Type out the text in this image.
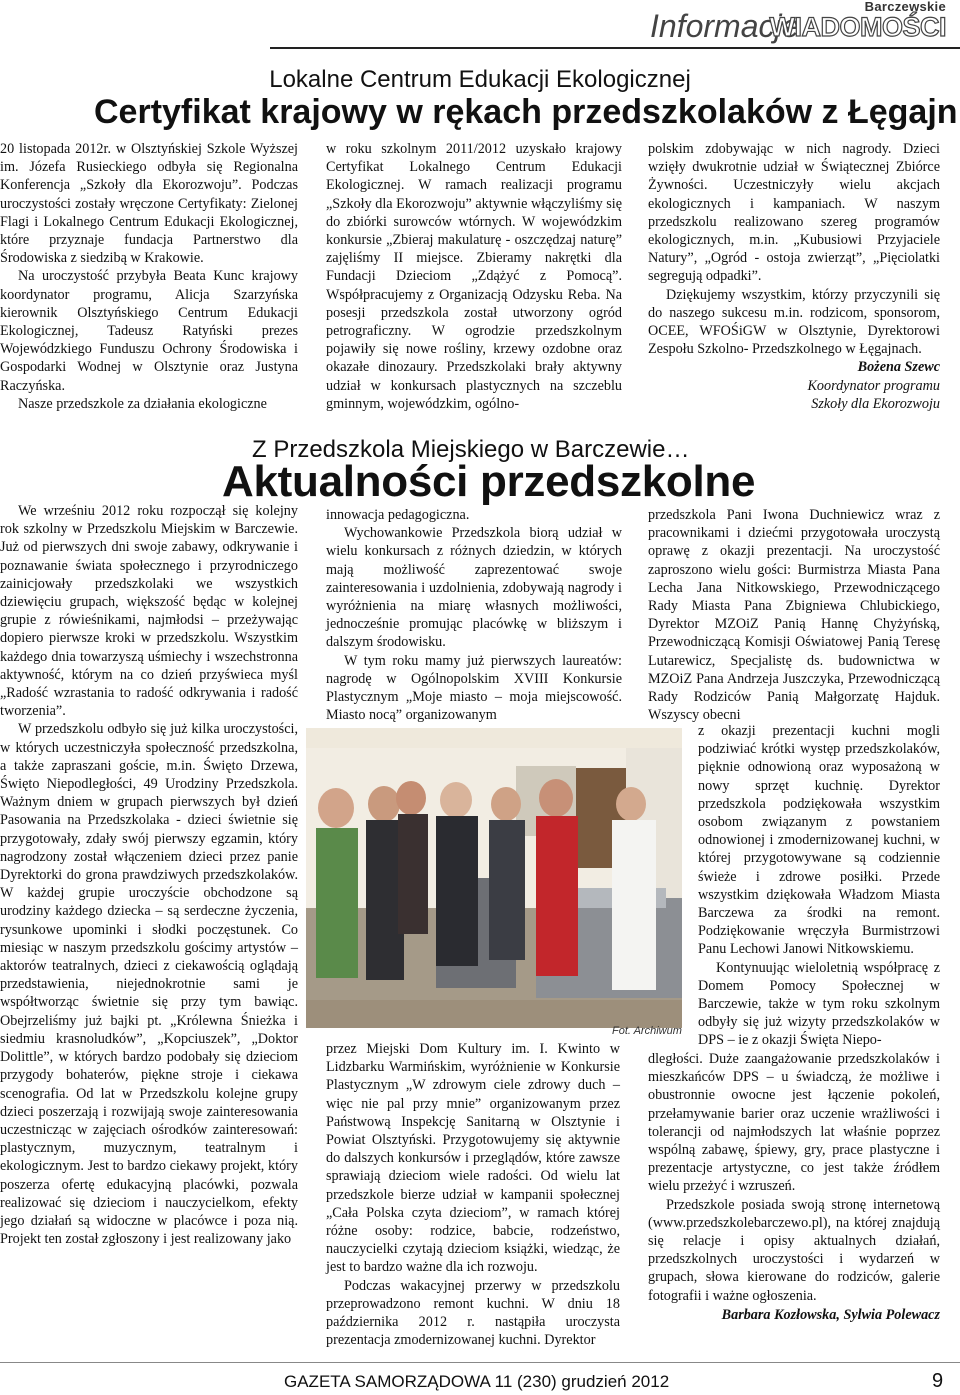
Informacje
Barczewskie
WIADOMOŚCI
Lokalne Centrum Edukacji Ekologicznej
Certyfikat krajowy w rękach przedszkolaków z Łęgajn

20 listopada 2012r. w Olsztyńskiej Szkole Wyższej im. Józefa Rusieckiego odbyła się Regionalna Konferencja „Szkoły dla Ekorozwoju”. Podczas uroczystości zostały wręczone Certyfikaty: Zielonej Flagi i Lokalnego Centrum Edukacji Ekologicznej, które przyznaje fundacja Partnerstwo dla Środowiska z siedzibą w Krakowie.

Na uroczystość przybyła Beata Kunc krajowy koordynator programu, Alicja Szarzyńska kierownik Olsztyńskiego Centrum Edukacji Ekologicznej, Tadeusz Ratyński prezes Wojewódzkiego Funduszu Ochrony Środowiska i Gospodarki Wodnej w Olsztynie oraz Justyna Raczyńska.

Nasze przedszkole za działania ekologiczne

w roku szkolnym 2011/2012 uzyskało krajowy Certyfikat Lokalnego Centrum Edukacji Ekologicznej. W ramach realizacji programu „Szkoły dla Ekorozwoju” aktywnie włączyliśmy się do zbiórki surowców wtórnych. W wojewódzkim konkursie „Zbieraj makulaturę - oszczędzaj naturę” zajęliśmy II miejsce. Zbieramy nakrętki dla Fundacji Dzieciom „Zdążyć z Pomocą”. Współpracujemy z Organizacją Odzysku Reba. Na posesji przedszkola został utworzony ogród petrograficzny. W ogrodzie przedszkolnym pojawiły się nowe rośliny, krzewy ozdobne oraz okazałe dinozaury. Przedszkolaki brały aktywny udział w konkursach plastycznych na szczeblu gminnym, wojewódzkim, ogólno-

polskim zdobywając w nich nagrody. Dzieci wzięły dwukrotnie udział w Świątecznej Zbiórce Żywności. Uczestniczyły wielu akcjach ekologicznych i kampaniach. W naszym przedszkolu realizowano szereg programów ekologicznych, m.in. „Kubusiowi Przyjaciele Natury”, „Ogród - ostoja zwierząt”, „Pięciolatki segregują odpadki”.

Dziękujemy wszystkim, którzy przyczynili się do naszego sukcesu m.in. rodzicom, sponsorom, OCEE, WFOŚiGW w Olsztynie, Dyrektorowi Zespołu Szkolno- Przedszkolnego w Łęgajnach.

Bożena Szewc

Koordynator programu

Szkoły dla Ekorozwoju

Z Przedszkola Miejskiego w Barczewie…
Aktualności przedszkolne

We wrześniu 2012 roku rozpoczął się kolejny rok szkolny w Przedszkolu Miejskim w Barczewie. Już od pierwszych dni swoje zabawy, odkrywanie i poznawanie świata społecznego i przyrodniczego zainicjowały przedszkolaki we wszystkich dziewięciu grupach, większość będąc w kolejnej grupie z rówieśnikami, najmłodsi – przeżywając dopiero pierwsze kroki w przedszkolu. Wszystkim każdego dnia towarzyszą uśmiechy i wszechstronna aktywność, którym na co dzień przyświeca myśl „Radość wzrastania to radość odkrywania i radość tworzenia”.

W przedszkolu odbyło się już kilka uroczystości, w których uczestniczyła społeczność przedszkolna, a także zapraszani goście, m.in. Święto Drzewa, Święto Niepodległości, 49 Urodziny Przedszkola. Ważnym dniem w grupach pierwszych był dzień Pasowania na Przedszkolaka - dzieci świetnie się przygotowały, zdały swój pierwszy egzamin, który nagrodzony został włączeniem dzieci przez panie Dyrektorki do grona prawdziwych przedszkolaków. W każdej grupie uroczyście obchodzone są urodziny każdego dziecka – są serdeczne życzenia, rysunkowe upominki i słodki poczęstunek. Co miesiąc w naszym przedszkolu gościmy artystów – aktorów teatralnych, dzieci z ciekawością oglądają przedstawienia, niejednokrotnie sami je współtworząc świetnie się przy tym bawiąc. Obejrzeliśmy już bajki pt. „Królewna Śnieżka i siedmiu krasnoludków”, „Kopciuszek”, „Doktor Dolittle”, w których bardzo podobały się dzieciom przygody bohaterów, piękne stroje i ciekawa scenografia. Od lat w Przedszkolu kolejne grupy dzieci poszerzają i rozwijają swoje zainteresowania uczestnicząc w zajęciach ośrodków zainteresowań: plastycznym, muzycznym, teatralnym i ekologicznym. Jest to bardzo ciekawy projekt, który poszerza ofertę edukacyjną placówki, pozwala realizować się dzieciom i nauczycielkom, efekty jego działań są widoczne w placówce i poza nią. Projekt ten został zgłoszony i jest realizowany jako

innowacja pedagogiczna.

Wychowankowie Przedszkola biorą udział w wielu konkursach z różnych dziedzin, w których mają możliwość zaprezentować swoje zainteresowania i uzdolnienia, zdobywają nagrody i wyróżnienia na miarę własnych możliwości, jednocześnie promując placówkę w bliższym i dalszym środowisku.

W tym roku mamy już pierwszych laureatów: nagrodę w Ogólnopolskim XVIII Konkursie Plastycznym „Moje miasto – moja miejscowość. Miasto nocą” organizowanym

przez Miejski Dom Kultury im. I. Kwinto w Lidzbarku Warmińskim, wyróżnienie w Konkursie Plastycznym „W zdrowym ciele zdrowy duch – więc nie pal przy mnie” organizowanym przez Państwową Inspekcję Sanitarną w Olsztynie i Powiat Olsztyński. Przygotowujemy się aktywnie do dalszych konkursów i przeglądów, które zawsze sprawiają dzieciom wiele radości. Od wielu lat przedszkole bierze udział w kampanii społecznej „Cała Polska czyta dzieciom”, w ramach której różne osoby: rodzice, babcie, rodzeństwo, nauczycielki czytają dzieciom książki, wiedząc, że jest to bardzo ważne dla ich rozwoju.

Podczas wakacyjnej przerwy w przedszkolu przeprowadzono remont kuchni. W dniu 18 października 2012 r. nastąpiła uroczysta prezentacja zmodernizowanej kuchni. Dyrektor

przedszkola Pani Iwona Duchniewicz wraz z pracownikami i dziećmi przygotowała uroczystą oprawę z okazji prezentacji. Na uroczystość zaproszono wielu gości: Burmistrza Miasta Pana Lecha Jana Nitkowskiego, Przewodniczącego Rady Miasta Pana Zbigniewa Chlubickiego, Dyrektor MZOiZ Panią Hannę Chyżyńską, Przewodniczącą Komisji Oświatowej Panią Teresę Lutarewicz, Specjalistę ds. budownictwa w MZOiZ Pana Andrzeja Juszczyka, Przewodniczącą Rady Rodziców Panią Małgorzatę Hajduk. Wszyscy obecni

z okazji prezentacji kuchni mogli podziwiać krótki występ przedszkolaków, pięknie odnowioną oraz wyposażoną w nowy sprzęt kuchnię. Dyrektor przedszkola podziękowała wszystkim osobom związanym z powstaniem odnowionej i zmodernizowanej kuchni, w której przygotowywane są codziennie świeże i zdrowe posiłki. Przede wszystkim dziękowała Władzom Miasta Barczewa za środki na remont. Podziękowanie wręczyła Burmistrzowi Panu Lechowi Janowi Nitkowskiemu.

Kontynuując wieloletnią współpracę z Domem Pomocy Społecznej w Barczewie, także w tym roku szkolnym odbyły się już wizyty przedszkolaków w DPS – ie z okazji Święta Niepo-

dległości. Duże zaangażowanie przedszkolaków i mieszkańców DPS – u świadczą, że możliwe i obustronnie owocne jest łączenie pokoleń, przełamywanie barier oraz uczenie wrażliwości i tolerancji od najmłodszych lat właśnie poprzez wspólną zabawę, śpiewy, gry, prace plastyczne i prezentacje artystyczne, co jest także źródłem wielu przeżyć i wzruszeń.

Przedszkole posiada swoją stronę internetową (www.przedszkolebarczewo.pl), na której znajdują się relacje i opisy aktualnych działań, przedszkolnych uroczystości i wydarzeń w grupach, słowa kierowane do rodziców, galerie fotografii i ważne ogłoszenia.

Barbara Kozłowska, Sylwia Polewacz
Fot. Archiwum
GAZETA SAMORZĄDOWA 11 (230) grudzień 2012	9
